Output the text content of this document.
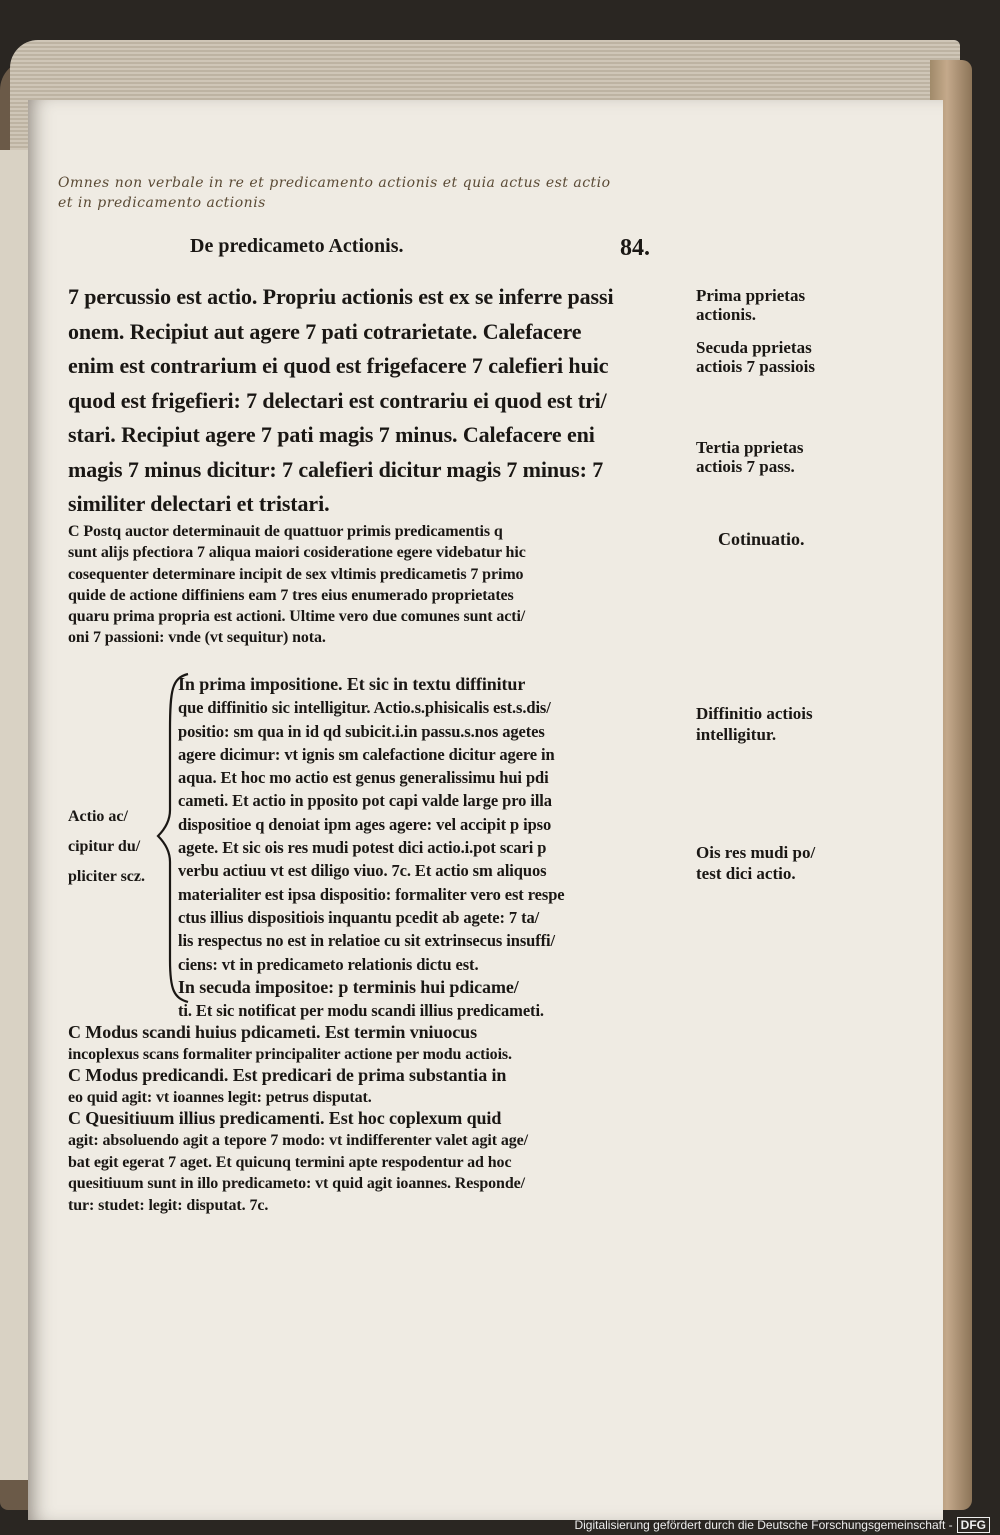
Omnes non verbale in re et predicamento actionis et quia actus est actio
et in predicamento actionis
De predicameto Actionis.	84.
7 percussio est actio. Propriu actionis est ex se inferre passi
onem. Recipiut aut agere 7 pati cotrarietate. Calefacere
enim est contrarium ei quod est frigefacere 7 calefieri huic
quod est frigefieri: 7 delectari est contrariu ei quod est tri/
stari. Recipiut agere 7 pati magis 7 minus. Calefacere eni
magis 7 minus dicitur: 7 calefieri dicitur magis 7 minus: 7
similiter delectari et tristari.
C Postq auctor determinauit de quattuor primis predicamentis q
sunt alijs pfectiora 7 aliqua maiori cosideratione egere videbatur hic
cosequenter determinare incipit de sex vltimis predicametis 7 primo
quide de actione diffiniens eam 7 tres eius enumerado proprietates
quaru prima propria est actioni. Ultime vero due comunes sunt acti/
oni 7 passioni: vnde (vt sequitur) nota.
In prima impositione. Et sic in textu diffinitur
que diffinitio sic intelligitur. Actio.s.phisicalis est.s.dis/
positio: sm qua in id qd subicit.i.in passu.s.nos agetes
agere dicimur: vt ignis sm calefactione dicitur agere in
aqua. Et hoc mo actio est genus generalissimu hui pdi
cameti. Et actio in pposito pot capi valde large pro illa
dispositioe q denoiat ipm ages agere: vel accipit p ipso
agete. Et sic ois res mudi potest dici actio.i.pot scari p
verbu actiuu vt est diligo viuo. 7c. Et actio sm aliquos
materialiter est ipsa dispositio: formaliter vero est respe
ctus illius dispositiois inquantu pcedit ab agete: 7 ta/
lis respectus no est in relatioe cu sit extrinsecus insuffi/
ciens: vt in predicameto relationis dictu est.
In secuda impositoe: p terminis hui pdicame/
ti. Et sic notificat per modu scandi illius predicameti.
Actio ac/
cipitur du/
pliciter scz.
C Modus scandi huius pdicameti. Est termin vniuocus
incoplexus scans formaliter principaliter actione per modu actiois.
C Modus predicandi. Est predicari de prima substantia in
eo quid agit: vt ioannes legit: petrus disputat.
C Quesitiuum illius predicamenti. Est hoc coplexum quid
agit: absoluendo agit a tepore 7 modo: vt indifferenter valet agit age/
bat egit egerat 7 aget. Et quicunq termini apte respodentur ad hoc
quesitiuum sunt in illo predicameto: vt quid agit ioannes. Responde/
tur: studet: legit: disputat. 7c.
Prima pprietas
actionis.
Secuda pprietas
actiois 7 passiois
Tertia pprietas
actiois 7 pass.
Cotinuatio.
Diffinitio actiois
intelligitur.
Ois res mudi po/
test dici actio.
Digitalisierung gefördert durch die Deutsche Forschungsgemeinschaft - DFG
